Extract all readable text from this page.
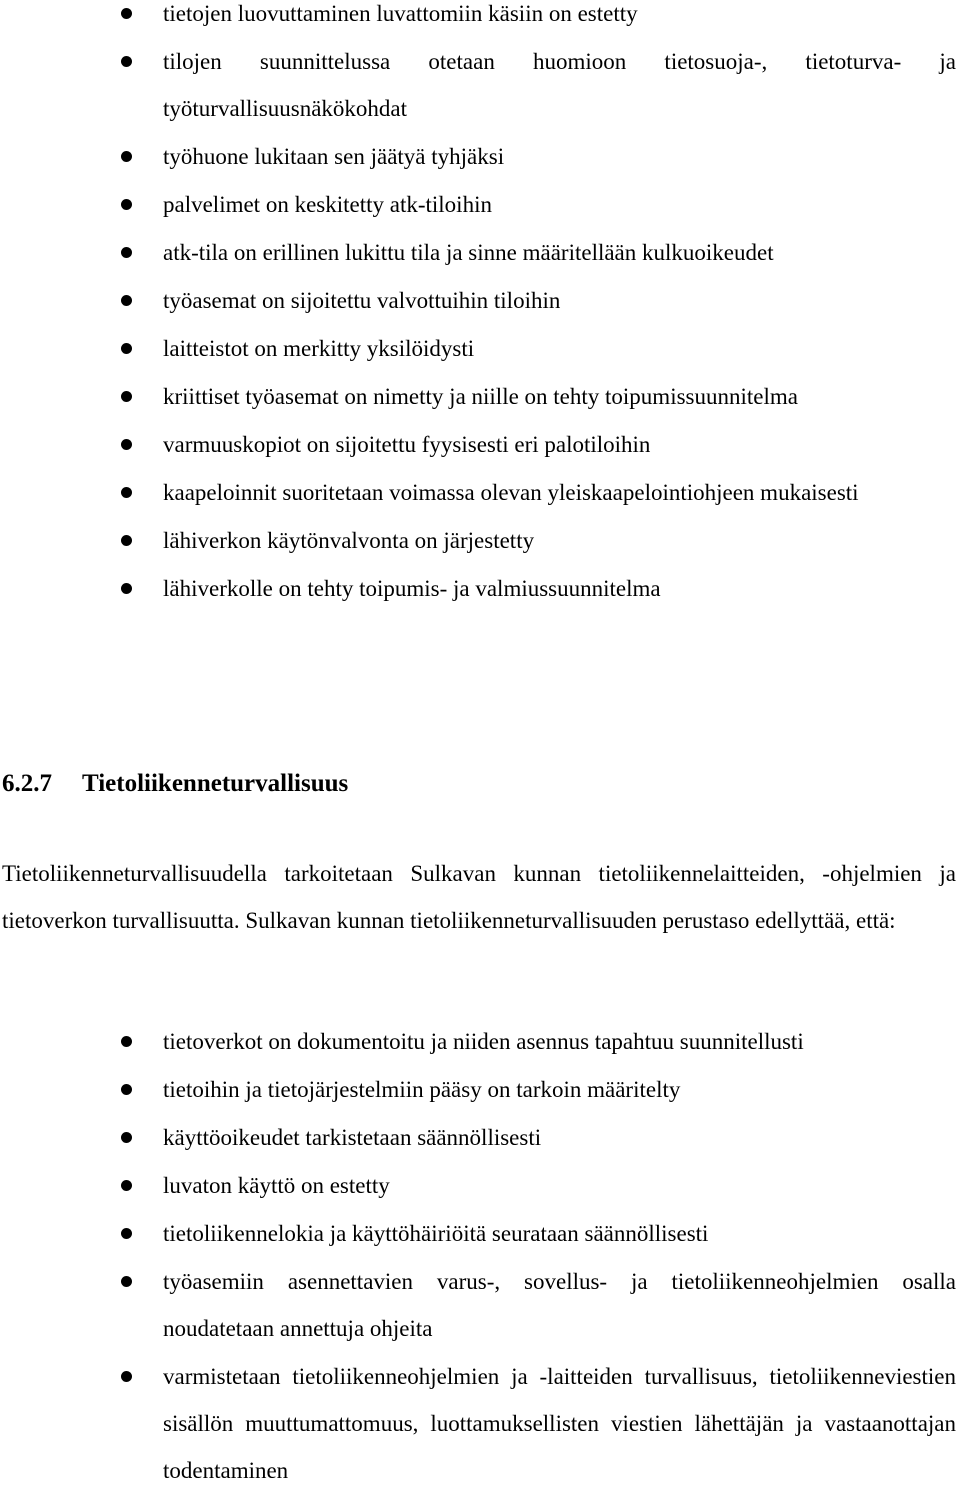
tietojen luovuttaminen luvattomiin käsiin on estetty
tilojen suunnittelussa otetaan huomioon tietosuoja-, tietoturva- ja työturvallisuusnäkökohdat
työhuone lukitaan sen jäätyä tyhjäksi
palvelimet on keskitetty atk-tiloihin
atk-tila on erillinen lukittu tila ja sinne määritellään kulkuoikeudet
työasemat on sijoitettu valvottuihin tiloihin
laitteistot on merkitty yksilöidysti
kriittiset työasemat on nimetty ja niille on tehty toipumissuunnitelma
varmuuskopiot on sijoitettu fyysisesti eri palotiloihin
kaapeloinnit suoritetaan voimassa olevan yleiskaapelointiohjeen mukaisesti
lähiverkon käytönvalvonta on järjestetty
lähiverkolle on tehty toipumis- ja valmiussuunnitelma
6.2.7 Tietoliikenneturvallisuus
Tietoliikenneturvallisuudella tarkoitetaan Sulkavan kunnan tietoliikennelaitteiden, -ohjelmien ja tietoverkon turvallisuutta. Sulkavan kunnan tietoliikenneturvallisuuden perustaso edellyttää, että:
tietoverkot on dokumentoitu ja niiden asennus tapahtuu suunnitellusti
tietoihin ja tietojärjestelmiin pääsy on tarkoin määritelty
käyttöoikeudet tarkistetaan säännöllisesti
luvaton käyttö on estetty
tietoliikennelokia ja käyttöhäiriöitä seurataan säännöllisesti
työasemiin asennettavien varus-, sovellus- ja tietoliikenneohjelmien osalla noudatetaan annettuja ohjeita
varmistetaan tietoliikenneohjelmien ja -laitteiden turvallisuus, tietoliikenneviestien sisällön muuttumattomuus, luottamuksellisten viestien lähettäjän ja vastaanottajan todentaminen
